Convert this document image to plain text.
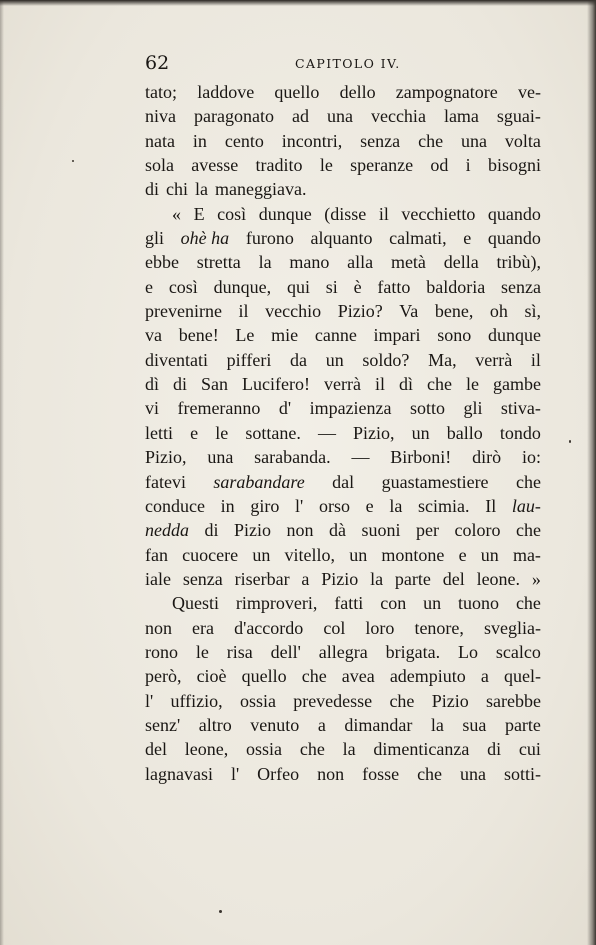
62	CAPITOLO IV.
tato; laddove quello dello zampognatore ve-
niva paragonato ad una vecchia lama sguai-
nata in cento incontri, senza che una volta
sola avesse tradito le speranze od i bisogni
di chi la maneggiava.
« E così dunque (disse il vecchietto quando
gli ohè ha furono alquanto calmati, e quando
ebbe stretta la mano alla metà della tribù),
e così dunque, qui si è fatto baldoria senza
prevenirne il vecchio Pizio? Va bene, oh sì,
va bene! Le mie canne impari sono dunque
diventati pifferi da un soldo? Ma, verrà il
dì di San Lucifero! verrà il dì che le gambe
vi fremeranno d' impazienza sotto gli stiva-
letti e le sottane. — Pizio, un ballo tondo
Pizio, una sarabanda. — Birboni! dirò io:
fatevi sarabandare dal guastamestiere che
conduce in giro l' orso e la scimia. Il lau-
nedda di Pizio non dà suoni per coloro che
fan cuocere un vitello, un montone e un ma-
iale senza riserbar a Pizio la parte del leone. »
Questi rimproveri, fatti con un tuono che
non era d'accordo col loro tenore, sveglia-
rono le risa dell' allegra brigata. Lo scalco
però, cioè quello che avea adempiuto a quel-
l' uffizio, ossia prevedesse che Pizio sarebbe
senz' altro venuto a dimandar la sua parte
del leone, ossia che la dimenticanza di cui
lagnavasi l' Orfeo non fosse che una sotti-
